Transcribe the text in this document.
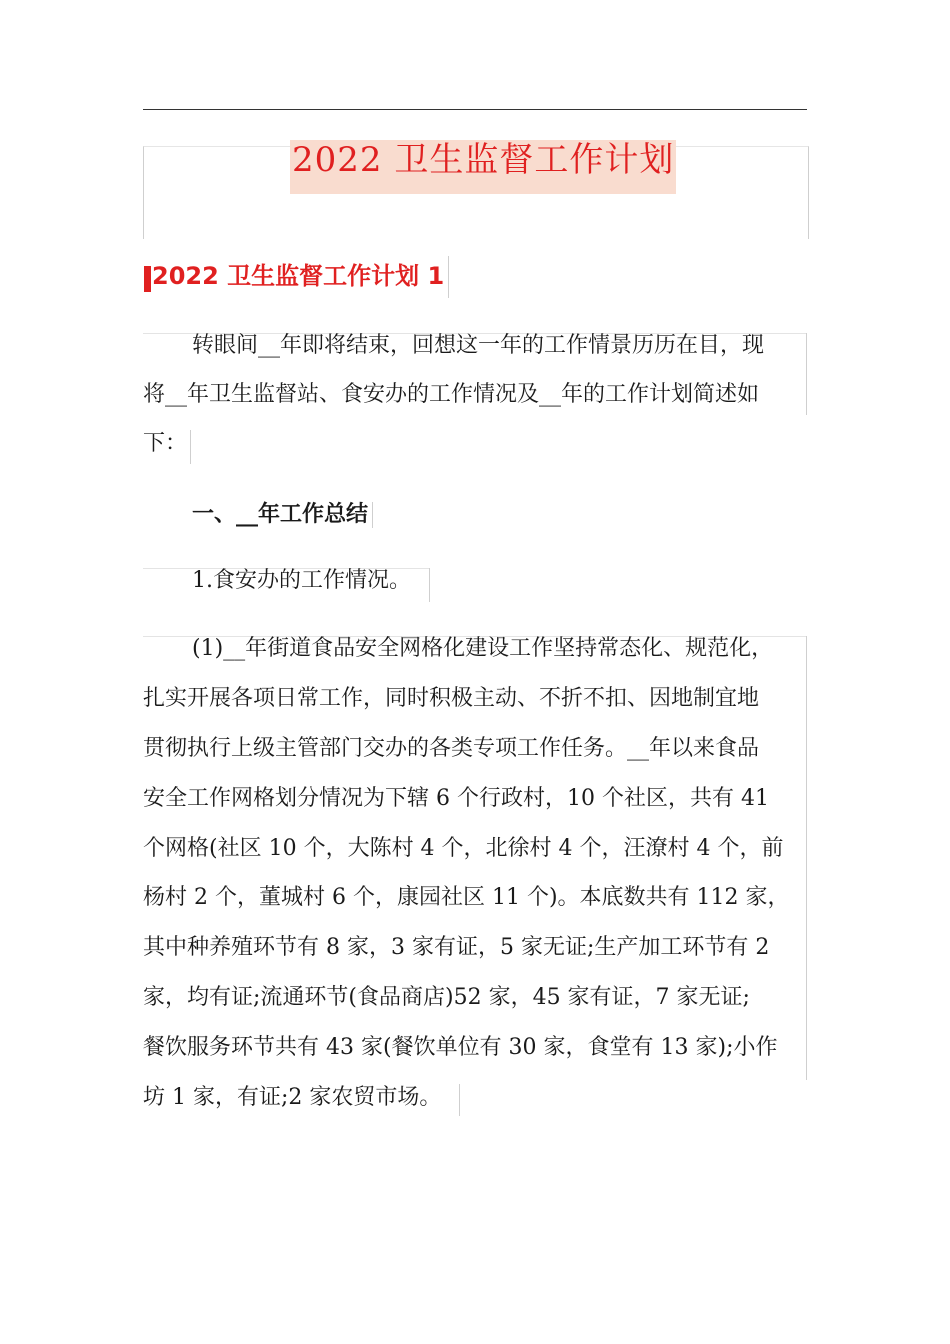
2022 卫生监督工作计划
2022 卫生监督工作计划 1
转眼间__年即将结束，回想这一年的工作情景历历在目，现
将__年卫生监督站、食安办的工作情况及__年的工作计划简述如
下：
一、__年工作总结
1.食安办的工作情况。
(1)__年街道食品安全网格化建设工作坚持常态化、规范化，
扎实开展各项日常工作，同时积极主动、不折不扣、因地制宜地
贯彻执行上级主管部门交办的各类专项工作任务。__年以来食品
安全工作网格划分情况为下辖 6 个行政村，10 个社区，共有 41
个网格(社区 10 个，大陈村 4 个，北徐村 4 个，汪潦村 4 个，前
杨村 2 个，董城村 6 个，康园社区 11 个)。本底数共有 112 家，
其中种养殖环节有 8 家，3 家有证，5 家无证;生产加工环节有 2
家，均有证;流通环节(食品商店)52 家，45 家有证，7 家无证;
餐饮服务环节共有 43 家(餐饮单位有 30 家，食堂有 13 家);小作
坊 1 家，有证;2 家农贸市场。
